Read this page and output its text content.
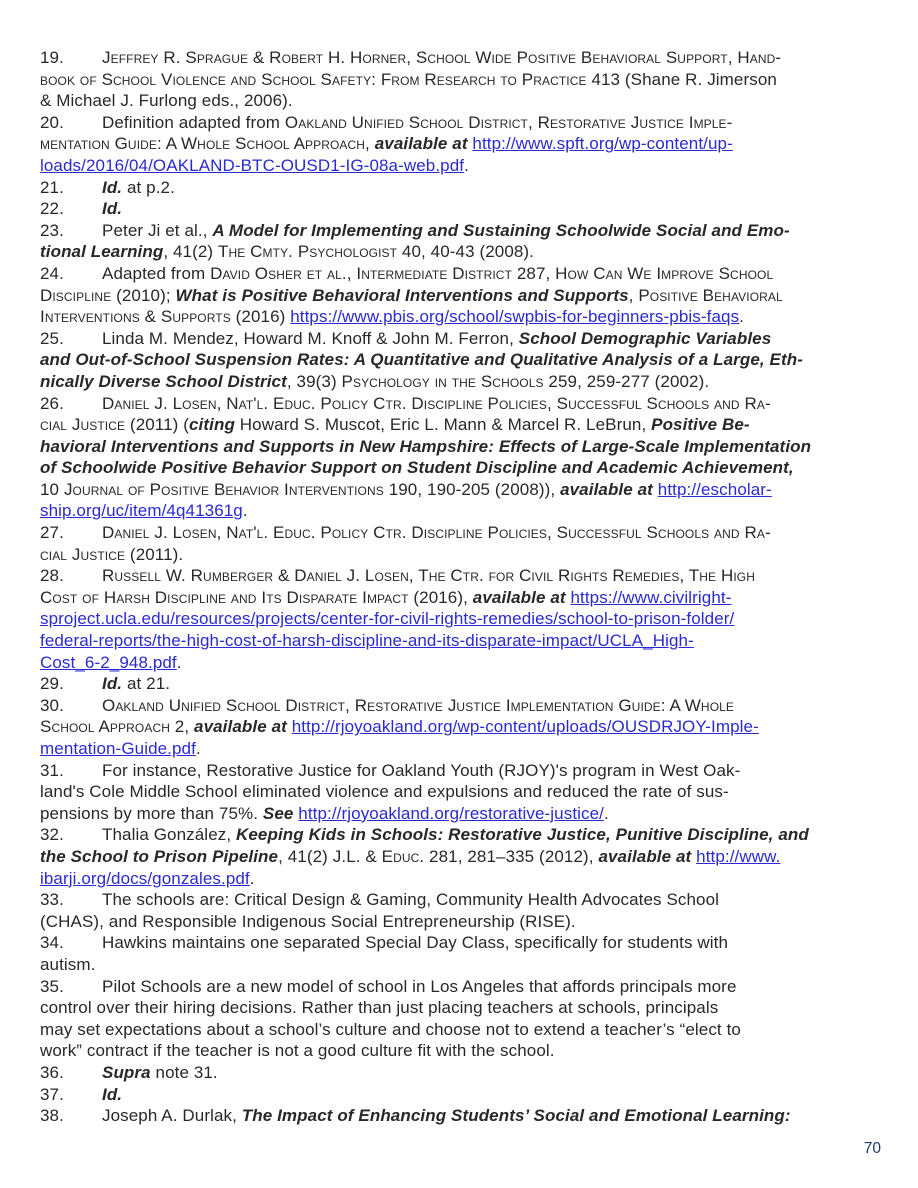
19. Jeffrey R. Sprague & Robert H. Horner, School Wide Positive Behavioral Support, Hand-
book of School Violence and School Safety: From Research to Practice 413 (Shane R. Jimerson
& Michael J. Furlong eds., 2006).
20. Definition adapted from Oakland Unified School District, Restorative Justice Imple-
mentation Guide: A Whole School Approach, available at http://www.spft.org/wp-content/up-
loads/2016/04/OAKLAND-BTC-OUSD1-IG-08a-web.pdf.
21. Id. at p.2.
22. Id.
23. Peter Ji et al., A Model for Implementing and Sustaining Schoolwide Social and Emo-
tional Learning, 41(2) The Cmty. Psychologist 40, 40-43 (2008).
24. Adapted from David Osher et al., Intermediate District 287, How Can We Improve School
Discipline (2010); What is Positive Behavioral Interventions and Supports, Positive Behavioral
Interventions & Supports (2016) https://www.pbis.org/school/swpbis-for-beginners-pbis-faqs.
25. Linda M. Mendez, Howard M. Knoff & John M. Ferron, School Demographic Variables
and Out-of-School Suspension Rates: A Quantitative and Qualitative Analysis of a Large, Eth-
nically Diverse School District, 39(3) Psychology in the Schools 259, 259-277 (2002).
26. Daniel J. Losen, Nat'l. Educ. Policy Ctr. Discipline Policies, Successful Schools and Ra-
cial Justice (2011) (citing Howard S. Muscot, Eric L. Mann & Marcel R. LeBrun, Positive Be-
havioral Interventions and Supports in New Hampshire: Effects of Large-Scale Implementation
of Schoolwide Positive Behavior Support on Student Discipline and Academic Achievement,
10 Journal of Positive Behavior Interventions 190, 190-205 (2008)), available at http://escholar-
ship.org/uc/item/4q41361g.
27. Daniel J. Losen, Nat'l. Educ. Policy Ctr. Discipline Policies, Successful Schools and Ra-
cial Justice (2011).
28. Russell W. Rumberger & Daniel J. Losen, The Ctr. for Civil Rights Remedies, The High
Cost of Harsh Discipline and Its Disparate Impact (2016), available at https://www.civilright-
sproject.ucla.edu/resources/projects/center-for-civil-rights-remedies/school-to-prison-folder/
federal-reports/the-high-cost-of-harsh-discipline-and-its-disparate-impact/UCLA_High-
Cost_6-2_948.pdf.
29. Id. at 21.
30. Oakland Unified School District, Restorative Justice Implementation Guide: A Whole
School Approach 2, available at http://rjoyoakland.org/wp-content/uploads/OUSDRJOY-Imple-
mentation-Guide.pdf.
31. For instance, Restorative Justice for Oakland Youth (RJOY)'s program in West Oak-
land's Cole Middle School eliminated violence and expulsions and reduced the rate of sus-
pensions by more than 75%. See http://rjoyoakland.org/restorative-justice/.
32. Thalia González, Keeping Kids in Schools: Restorative Justice, Punitive Discipline, and
the School to Prison Pipeline, 41(2) J.L. & Educ. 281, 281–335 (2012), available at http://www.
ibarji.org/docs/gonzales.pdf.
33. The schools are: Critical Design & Gaming, Community Health Advocates School
(CHAS), and Responsible Indigenous Social Entrepreneurship (RISE).
34. Hawkins maintains one separated Special Day Class, specifically for students with
autism.
35. Pilot Schools are a new model of school in Los Angeles that affords principals more
control over their hiring decisions. Rather than just placing teachers at schools, principals
may set expectations about a school’s culture and choose not to extend a teacher’s “elect to
work” contract if the teacher is not a good culture fit with the school.
36. Supra note 31.
37. Id.
38. Joseph A. Durlak, The Impact of Enhancing Students’ Social and Emotional Learning:
70
